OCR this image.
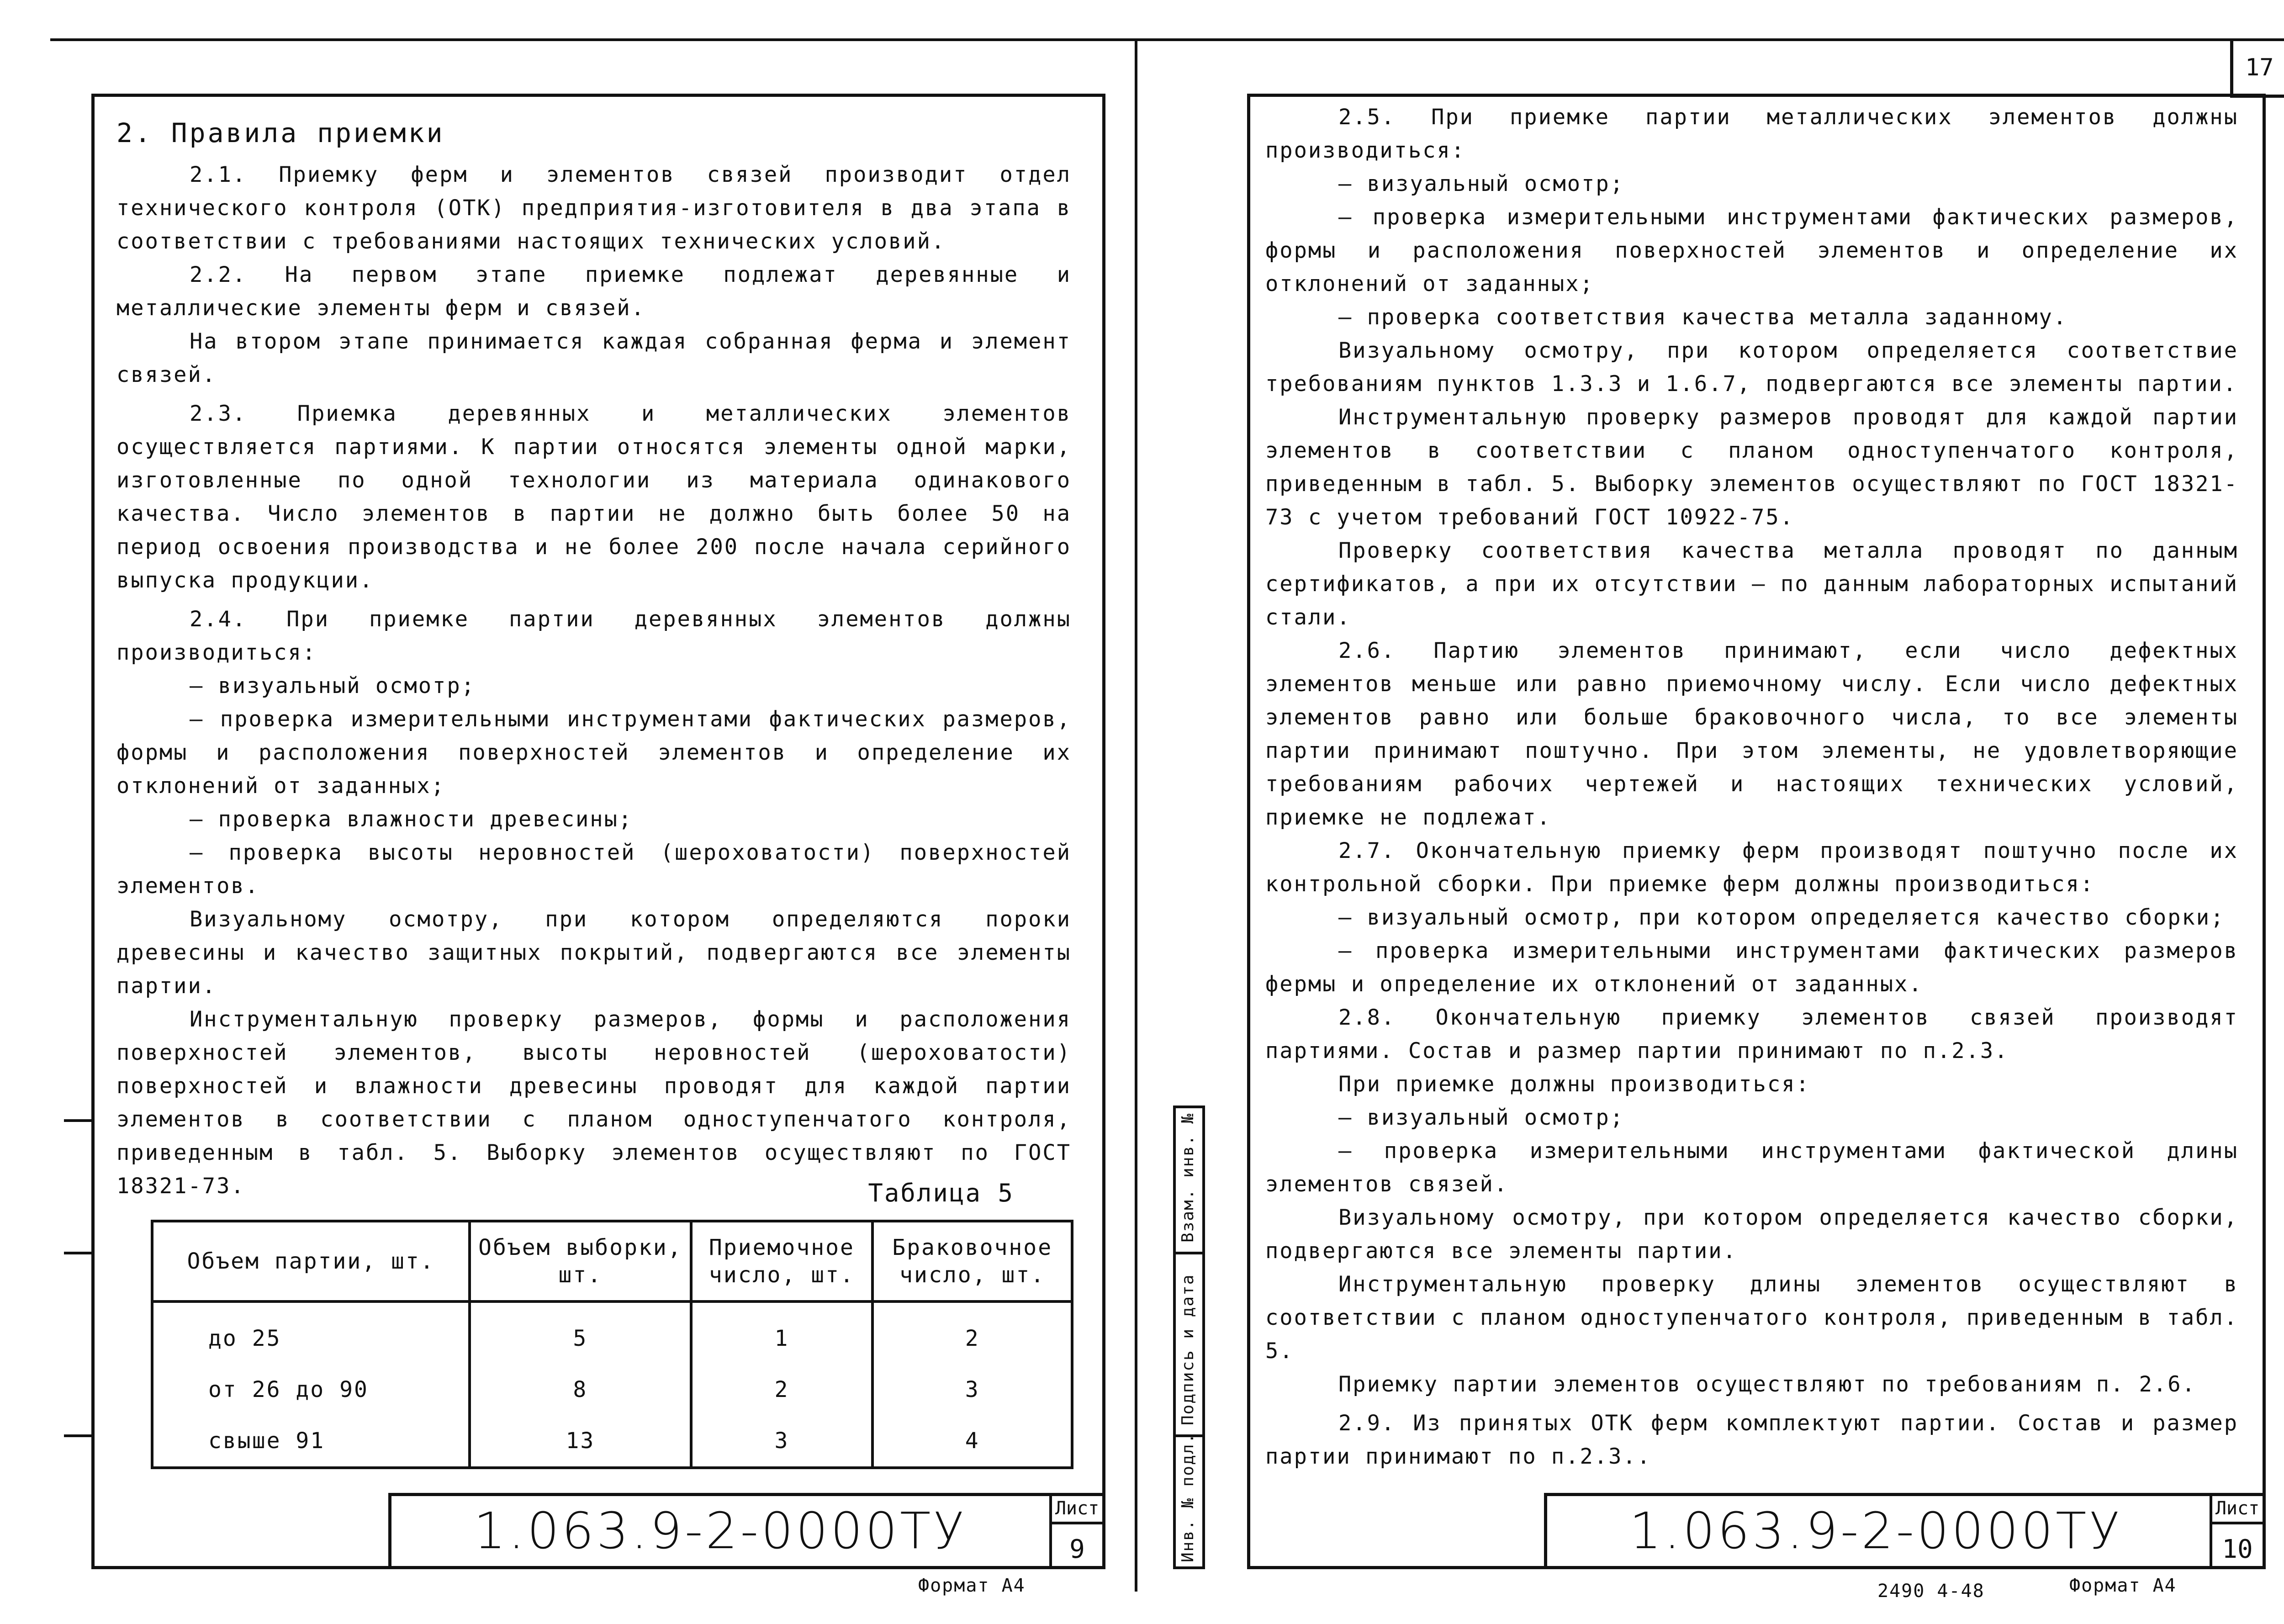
17

2. Правила приемки

2.1. Приемку ферм и элементов связей производит отдел технического контроля (ОТК) предприятия-изготовителя в два этапа в соответствии с требованиями настоящих технических условий.

2.2. На первом этапе приемке подлежат деревянные и металлические элементы ферм и связей.

На втором этапе принимается каждая собранная ферма и элемент связей.

2.3. Приемка деревянных и металлических элементов осуществляется партиями. К партии относятся элементы одной марки, изготовленные по одной технологии из материала одинакового качества. Число элементов в партии не должно быть более 50 на период освоения производства и не более 200 после начала серийного выпуска продукции.

2.4. При приемке партии деревянных элементов должны производиться:

– визуальный осмотр;

– проверка измерительными инструментами фактических размеров, формы и расположения поверхностей элементов и определение их отклонений от заданных;

– проверка влажности древесины;

– проверка высоты неровностей (шероховатости) поверхностей элементов.

Визуальному осмотру, при котором определяются пороки древесины и качество защитных покрытий, подвергаются все элементы партии.

Инструментальную проверку размеров, формы и расположения поверхностей элементов, высоты неровностей (шероховатости) поверхностей и влажности древесины проводят для каждой партии элементов в соответствии с планом одноступенчатого контроля, приведенным в табл. 5. Выборку элементов осуществляют по ГОСТ 18321-73.	Таблица 5
Объем партии, шт.	Объем выборки, шт.	Приемочное число, шт.	Браковочное число, шт.
до 25	5	1	2
от 26 до 90	8	2	3
свыше 91	13	3	4
1.063.9-2-0000ТУ	Лист
9
Формат А4
Инв. № подл.
Подпись и дата
Взам. инв. №

2.5. При приемке партии металлических элементов должны производиться:

– визуальный осмотр;

– проверка измерительными инструментами фактических размеров, формы и расположения поверхностей элементов и определение их отклонений от заданных;

– проверка соответствия качества металла заданному.

Визуальному осмотру, при котором определяется соответствие требованиям пунктов 1.3.3 и 1.6.7, подвергаются все элементы партии.

Инструментальную проверку размеров проводят для каждой партии элементов в соответствии с планом одноступенчатого контроля, приведенным в табл. 5. Выборку элементов осуществляют по ГОСТ 18321-73 с учетом требований ГОСТ 10922-75.

Проверку соответствия качества металла проводят по данным сертификатов, а при их отсутствии – по данным лабораторных испытаний стали.

2.6. Партию элементов принимают, если число дефектных элементов меньше или равно приемочному числу. Если число дефектных элементов равно или больше браковочного числа, то все элементы партии принимают поштучно. При этом элементы, не удовлетворяющие требованиям рабочих чертежей и настоящих технических условий, приемке не подлежат.

2.7. Окончательную приемку ферм производят поштучно после их контрольной сборки. При приемке ферм должны производиться:

– визуальный осмотр, при котором определяется качество сборки;

– проверка измерительными инструментами фактических размеров фермы и определение их отклонений от заданных.

2.8. Окончательную приемку элементов связей производят партиями. Состав и размер партии принимают по п.2.3.

При приемке должны производиться:

– визуальный осмотр;

– проверка измерительными инструментами фактической длины элементов связей.

Визуальному осмотру, при котором определяется качество сборки, подвергаются все элементы партии.

Инструментальную проверку длины элементов осуществляют в соответствии с планом одноступенчатого контроля, приведенным в табл. 5.

Приемку партии элементов осуществляют по требованиям п. 2.6.

2.9. Из принятых ОТК ферм комплектуют партии. Состав и размер партии принимают по п.2.3..

1.063.9-2-0000ТУ	Лист
10
2490 4-48	Формат А4
